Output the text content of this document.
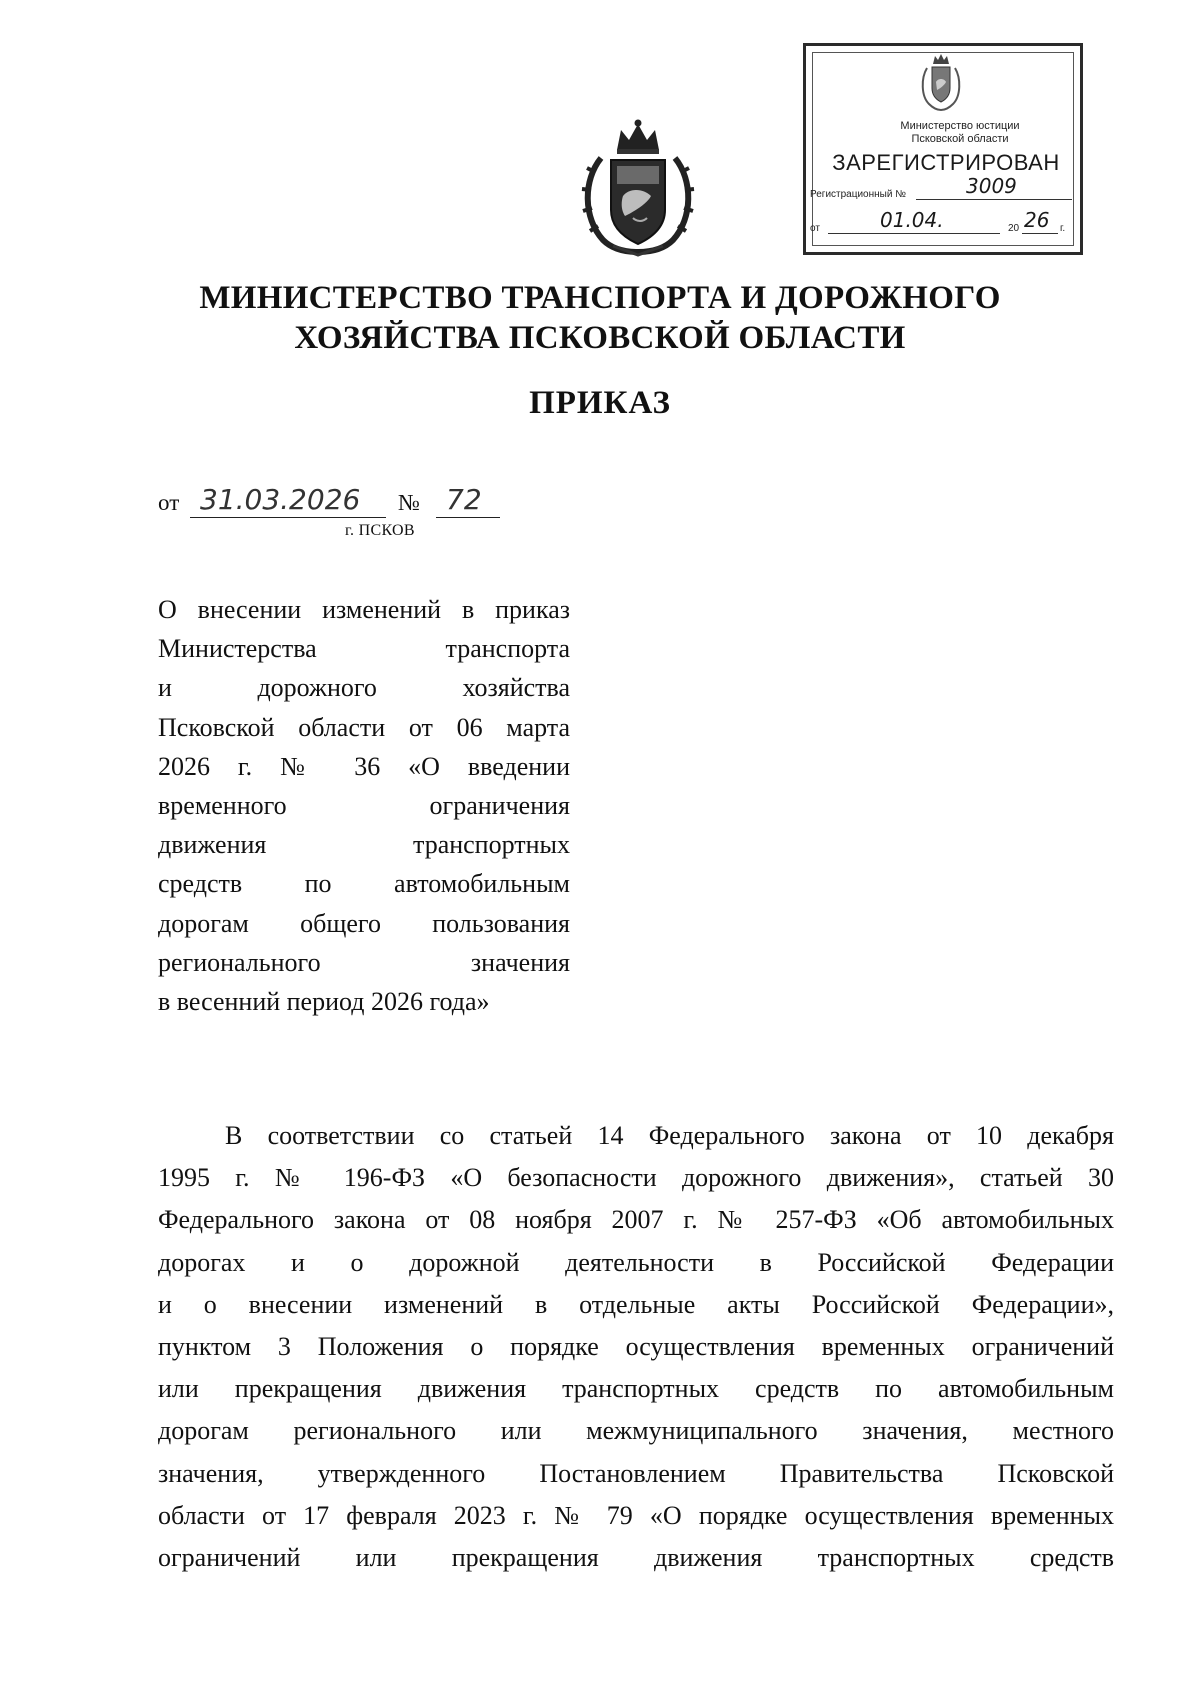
Министерство юстиции
Псковской области
ЗАРЕГИСТРИРОВАН
Регистрационный №	3009
от	01.04.	20 26 г.
МИНИСТЕРСТВО ТРАНСПОРТА И ДОРОЖНОГО
ХОЗЯЙСТВА ПСКОВСКОЙ ОБЛАСТИ
ПРИКАЗ
от 31.03.2026 № 72
г. ПСКОВ
О внесении изменений в приказ
Министерства транспорта
и дорожного хозяйства
Псковской области от 06 марта
2026 г. № 36 «О введении
временного ограничения
движения транспортных
средств по автомобильным
дорогам общего пользования
регионального значения
в весенний период 2026 года»
В соответствии со статьей 14 Федерального закона от 10 декабря
1995 г. № 196-ФЗ «О безопасности дорожного движения», статьей 30
Федерального закона от 08 ноября 2007 г. № 257-ФЗ «Об автомобильных
дорогах и о дорожной деятельности в Российской Федерации
и о внесении изменений в отдельные акты Российской Федерации»,
пунктом 3 Положения о порядке осуществления временных ограничений
или прекращения движения транспортных средств по автомобильным
дорогам регионального или межмуниципального значения, местного
значения, утвержденного Постановлением Правительства Псковской
области от 17 февраля 2023 г. № 79 «О порядке осуществления временных
ограничений или прекращения движения транспортных средств
